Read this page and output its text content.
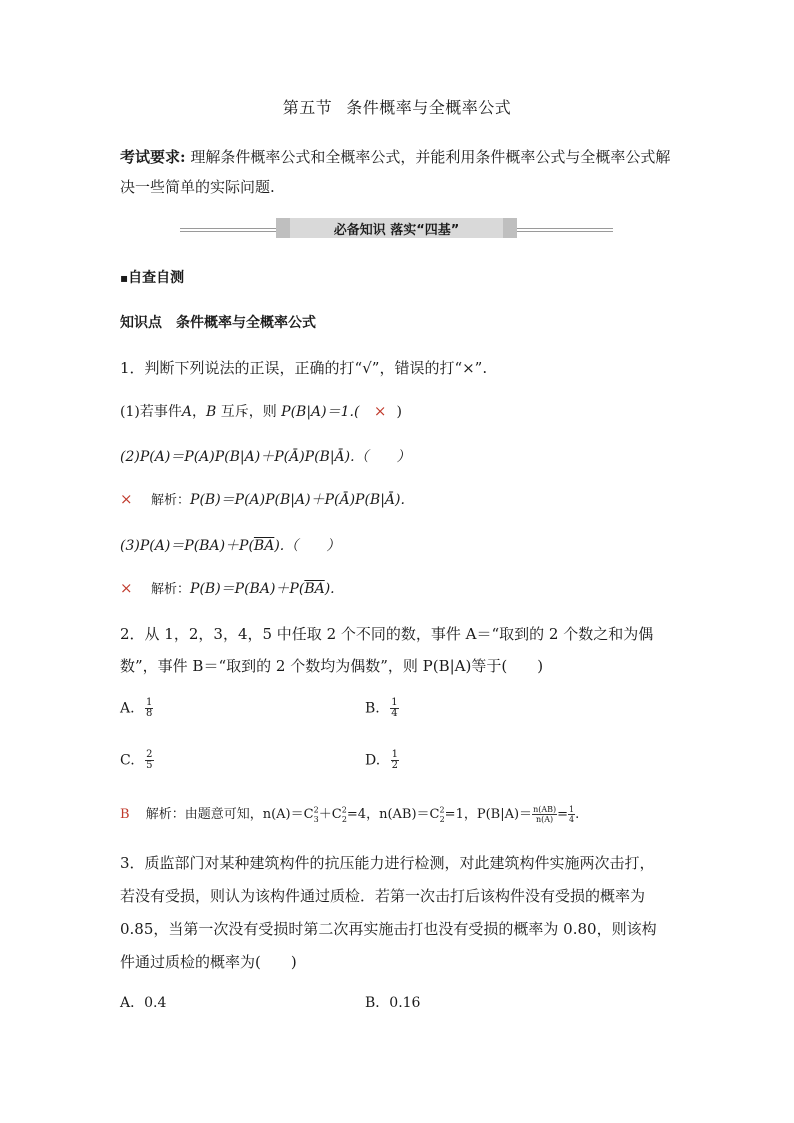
第五节 条件概率与全概率公式
考试要求: 理解条件概率公式和全概率公式，并能利用条件概率公式与全概率公式解决一些简单的实际问题.
必备知识 落实“四基”
▪自查自测
知识点 条件概率与全概率公式
1．判断下列说法的正误，正确的打“√”，错误的打“×”.
(1)若事件A，B 互斥，则 P(B|A)＝1.( × )
(2)P(A)＝P(A)P(B|A)＋P(Ā)P(B|Ā).（　　）
× 解析：P(B)＝P(A)P(B|A)＋P(Ā)P(B|Ā).
$(3)P(A)=P(BA)+P(\overline{BA})$.（　　）
× 解析：$P(B)=P(BA)+P(\overline{BA})$.
2．从 1，2，3，4，5 中任取 2 个不同的数，事件 A＝“取到的 2 个数之和为偶
数”，事件 B＝“取到的 2 个数均为偶数”，则 P(B|A)等于(　　)
A. $\frac{1}{8}$	B. $\frac{1}{4}$
C. $\frac{2}{5}$	D. $\frac{1}{2}$
B 解析：由题意可知，$n(A)=C^2_3+C^2_2=4$，$n(AB)=C^2_2=1$，$P(B|A)= \frac{n(AB)}{n(A)} = \frac{1}{4}$ .
3．质监部门对某种建筑构件的抗压能力进行检测，对此建筑构件实施两次击打，
若没有受损，则认为该构件通过质检．若第一次击打后该构件没有受损的概率为
0.85，当第一次没有受损时第二次再实施击打也没有受损的概率为 0.80，则该构
件通过质检的概率为(　　)
A．0.4	B．0.16
